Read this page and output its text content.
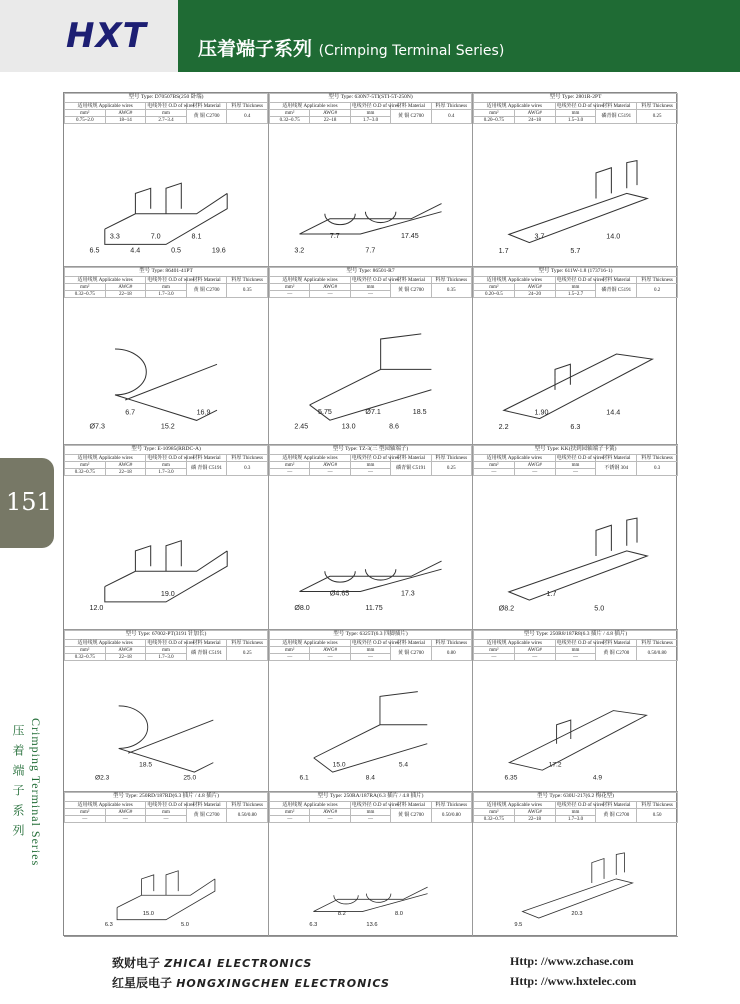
HXT	压着端子系列 (Crimping Terminal Series)
151
Crimping Terminal Series
压着端子系列
型号 Type: D70507BS(250 卧端)				
适用线规 Applicable wires		电线外径 O.D of wires	材料 Material	料厚 Thickness
mm²	AWG#	mm	黄 铜 C2700	0.4
0.75~2.0	18~14	2.7~3.4		
6.5
3.3
4.4
7.0
0.5
8.1
19.6
型号 Type: 630N7-5TI(STI-5T-250N)				
适用线规 Applicable wires		电线外径 O.D of wires	材料 Material	料厚 Thickness
mm²	AWG#	mm	黄 铜 C2700	0.4
0.32~0.75	22~18	1.7~3.0		
3.2
7.7
7.7
17.45
型号 Type: 2801R-2PT				
适用线规 Applicable wires		电线外径 O.D of wires	材料 Material	料厚 Thickness
mm²	AWG#	mm	磷青铜 C5191	0.25
0.20~0.75	24~18	1.5~3.0		
1.7
3.7
5.7
14.0
型号 Type: 86401-41PT				
适用线规 Applicable wires		电线外径 O.D of wires	材料 Material	料厚 Thickness
mm²	AWG#	mm	黄 铜 C2700	0.35
0.32~0.75	22~18	1.7~3.0		
Ø7.3
6.7
15.2
16.9
型号 Type: 86501-R7				
适用线规 Applicable wires		电线外径 O.D of wires	材料 Material	料厚 Thickness
mm²	AWG#	mm	黄 铜 C2700	0.35
—	—	—		
2.45
5.75
13.0
Ø7.1
8.6
18.5
型号 Type: 611W-1.8 (173716-1)				
适用线规 Applicable wires		电线外径 O.D of wires	材料 Material	料厚 Thickness
mm²	AWG#	mm	磷青铜 C5191	0.2
0.20~0.5	24~20	1.5~2.7		
2.2
1.90
6.3
14.4
型号 Type: E-10985(RRDC-A)				
适用线规 Applicable wires		电线外径 O.D of wires	材料 Material	料厚 Thickness
mm²	AWG#	mm	磷 青铜 C5191	0.3
0.32~0.75	22~18	1.7~3.0		
12.0
19.0
型号 Type: TZ-3(三 型园轴端子)				
适用线规 Applicable wires		电线外径 O.D of wires	材料 Material	料厚 Thickness
mm²	AWG#	mm	磷青铜 C5191	0.25
—	—	—		
Ø8.0
Ø4.65
11.75
17.3
型号 Type: KK(扶到园轴端子卡簧)				
适用线规 Applicable wires		电线外径 O.D of wires	材料 Material	料厚 Thickness
mm²	AWG#	mm	不锈钢 304	0.3
—	—	—		
Ø8.2
1.7
5.0
型号 Type: 67002-PT(3191 针加长)				
适用线规 Applicable wires		电线外径 O.D of wires	材料 Material	料厚 Thickness
mm²	AWG#	mm	磷 青铜 C5191	0.25
0.32~0.75	22~18	1.7~3.0		
Ø2.3
18.5
25.0
型号 Type: 6325T(6.3 四脚插片)				
适用线规 Applicable wires		电线外径 O.D of wires	材料 Material	料厚 Thickness
mm²	AWG#	mm	黄 铜 C2700	0.80
—	—	—		
6.1
15.0
8.4
5.4
型号 Type: 250R8/187R8(6.3 插片 / 4.8 插片)				
适用线规 Applicable wires		电线外径 O.D of wires	材料 Material	料厚 Thickness
mm²	AWG#	mm	黄 铜 C2700	0.50/0.80
—	—	—		
6.35
17.2
4.9
型号 Type: 250RD/187RD(6.3 插片 / 4.8 插片)				
适用线规 Applicable wires		电线外径 O.D of wires	材料 Material	料厚 Thickness
mm²	AWG#	mm	黄 铜 C2700	0.50/0.80
—	—	—		
6.3
15.0
5.0
型号 Type: 250RA/187RA(6.3 插片 / 4.8 插片)				
适用线规 Applicable wires		电线外径 O.D of wires	材料 Material	料厚 Thickness
mm²	AWG#	mm	黄 铜 C2700	0.50/0.80
—	—	—		
6.3
8.2
13.6
8.0
型号 Type: 630U-217(6.2 梅花型)				
适用线规 Applicable wires		电线外径 O.D of wires	材料 Material	料厚 Thickness
mm²	AWG#	mm	黄 铜 C2700	0.50
0.32~0.75	22~18	1.7~3.0		
9.5
20.3
致财电子 ZHICAI ELECTRONICS
红星辰电子 HONGXINGCHEN ELECTRONICS
Http: //www.zchase.com
Http: //www.hxtelec.com
